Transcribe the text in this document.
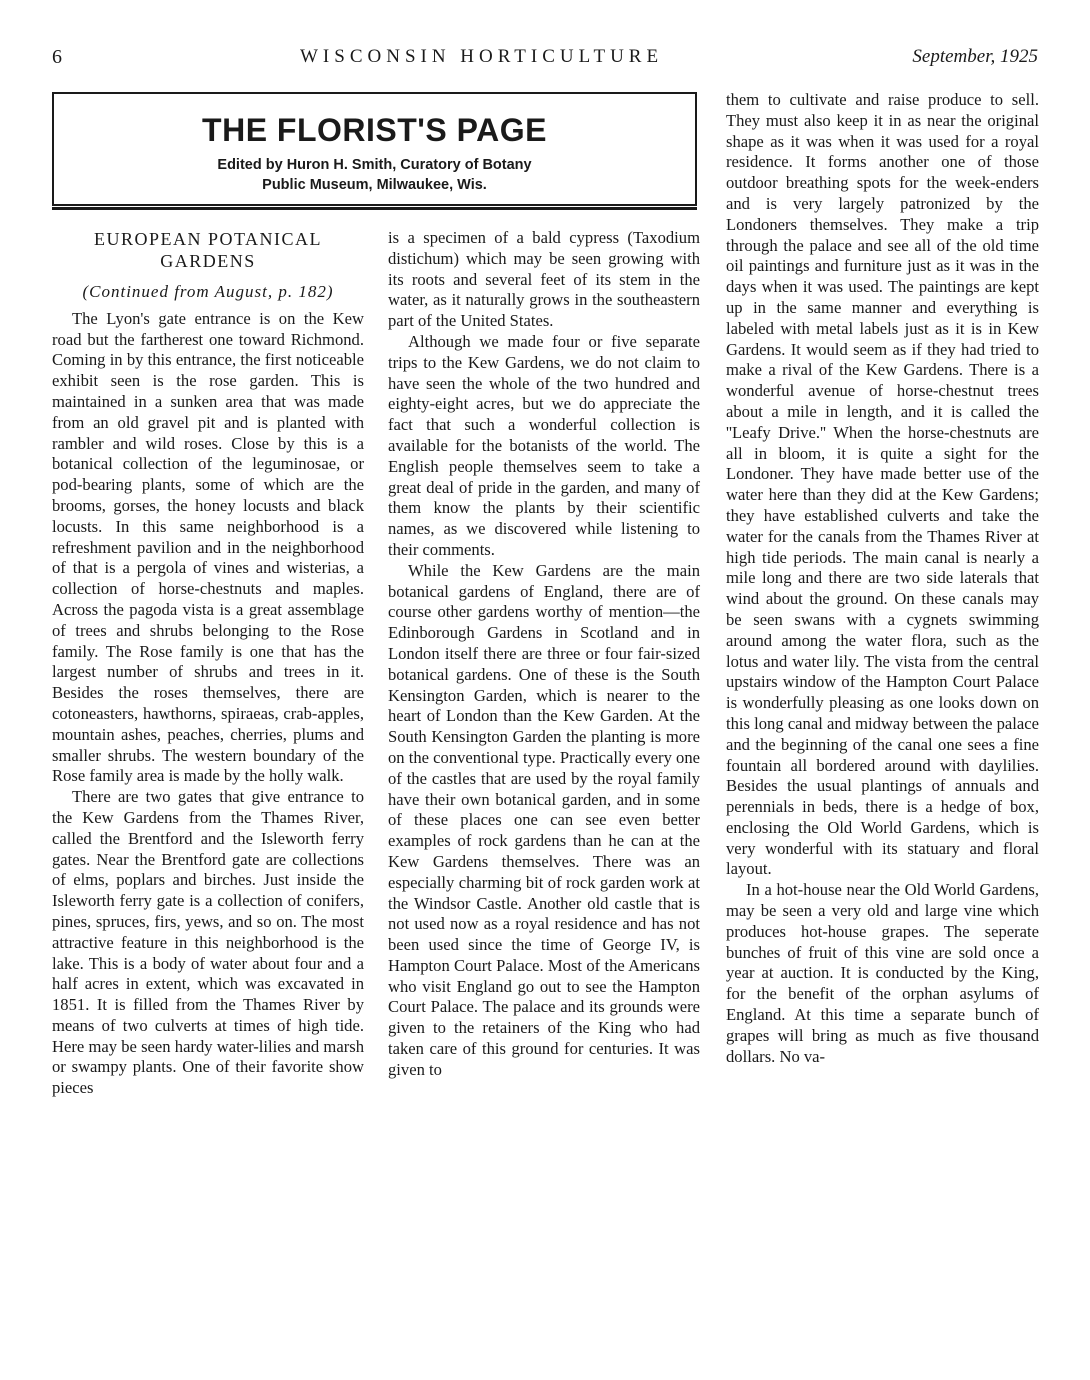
6	WISCONSIN HORTICULTURE	September, 1925
THE FLORIST'S PAGE
Edited by Huron H. Smith, Curatory of Botany
Public Museum, Milwaukee, Wis.
EUROPEAN POTANICAL GARDENS
(Continued from August, p. 182)

The Lyon's gate entrance is on the Kew road but the fartherest one toward Richmond. Coming in by this entrance, the first noticeable exhibit seen is the rose garden. This is maintained in a sunken area that was made from an old gravel pit and is planted with rambler and wild roses. Close by this is a botanical collection of the leguminosae, or pod-bearing plants, some of which are the brooms, gorses, the honey locusts and black locusts. In this same neighborhood is a refreshment pavilion and in the neighborhood of that is a pergola of vines and wisterias, a collection of horse-chestnuts and maples. Across the pagoda vista is a great assemblage of trees and shrubs belonging to the Rose family. The Rose family is one that has the largest number of shrubs and trees in it. Besides the roses themselves, there are cotoneasters, hawthorns, spiraeas, crab-apples, mountain ashes, peaches, cherries, plums and smaller shrubs. The western boundary of the Rose family area is made by the holly walk.

There are two gates that give entrance to the Kew Gardens from the Thames River, called the Brentford and the Isleworth ferry gates. Near the Brentford gate are collections of elms, poplars and birches. Just inside the Isleworth ferry gate is a collection of conifers, pines, spruces, firs, yews, and so on. The most attractive feature in this neighborhood is the lake. This is a body of water about four and a half acres in extent, which was excavated in 1851. It is filled from the Thames River by means of two culverts at times of high tide. Here may be seen hardy water-lilies and marsh or swampy plants. One of their favorite show pieces

is a specimen of a bald cypress (Taxodium distichum) which may be seen growing with its roots and several feet of its stem in the water, as it naturally grows in the southeastern part of the United States.

Although we made four or five separate trips to the Kew Gardens, we do not claim to have seen the whole of the two hundred and eighty-eight acres, but we do appreciate the fact that such a wonderful collection is available for the botanists of the world. The English people themselves seem to take a great deal of pride in the garden, and many of them know the plants by their scientific names, as we discovered while listening to their comments.

While the Kew Gardens are the main botanical gardens of England, there are of course other gardens worthy of mention—the Edinborough Gardens in Scotland and in London itself there are three or four fair-sized botanical gardens. One of these is the South Kensington Garden, which is nearer to the heart of London than the Kew Garden. At the South Kensington Garden the planting is more on the conventional type. Practically every one of the castles that are used by the royal family have their own botanical garden, and in some of these places one can see even better examples of rock gardens than he can at the Kew Gardens themselves. There was an especially charming bit of rock garden work at the Windsor Castle. Another old castle that is not used now as a royal residence and has not been used since the time of George IV, is Hampton Court Palace. Most of the Americans who visit England go out to see the Hampton Court Palace. The palace and its grounds were given to the retainers of the King who had taken care of this ground for centuries. It was given to

them to cultivate and raise produce to sell. They must also keep it in as near the original shape as it was when it was used for a royal residence. It forms another one of those outdoor breathing spots for the week-enders and is very largely patronized by the Londoners themselves. They make a trip through the palace and see all of the old time oil paintings and furniture just as it was in the days when it was used. The paintings are kept up in the same manner and everything is labeled with metal labels just as it is in Kew Gardens. It would seem as if they had tried to make a rival of the Kew Gardens. There is a wonderful avenue of horse-chestnut trees about a mile in length, and it is called the ''Leafy Drive.'' When the horse-chestnuts are all in bloom, it is quite a sight for the Londoner. They have made better use of the water here than they did at the Kew Gardens; they have established culverts and take the water for the canals from the Thames River at high tide periods. The main canal is nearly a mile long and there are two side laterals that wind about the ground. On these canals may be seen swans with a cygnets swimming around among the water flora, such as the lotus and water lily. The vista from the central upstairs window of the Hampton Court Palace is wonderfully pleasing as one looks down on this long canal and midway between the palace and the beginning of the canal one sees a fine fountain all bordered around with daylilies. Besides the usual plantings of annuals and perennials in beds, there is a hedge of box, enclosing the Old World Gardens, which is very wonderful with its statuary and floral layout.

In a hot-house near the Old World Gardens, may be seen a very old and large vine which produces hot-house grapes. The seperate bunches of fruit of this vine are sold once a year at auction. It is conducted by the King, for the benefit of the orphan asylums of England. At this time a separate bunch of grapes will bring as much as five thousand dollars. No va-
